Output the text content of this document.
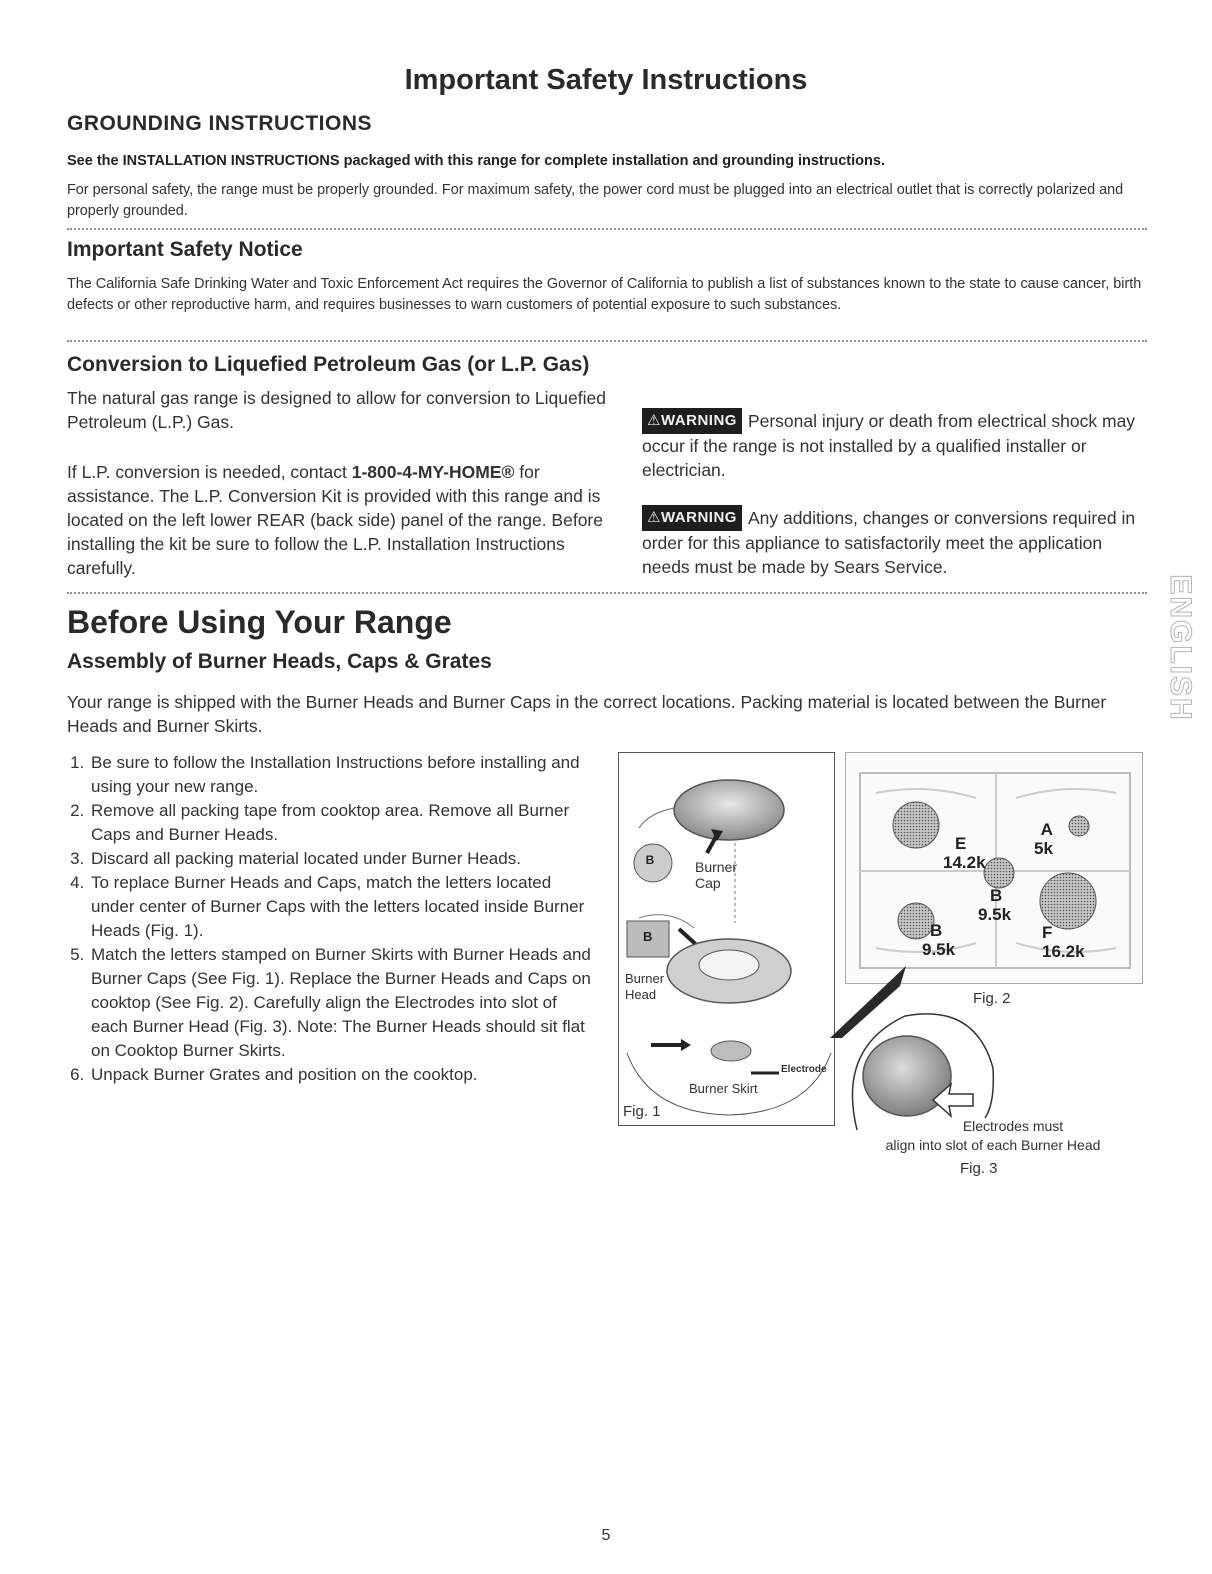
Important Safety Instructions
GROUNDING INSTRUCTIONS
See the INSTALLATION INSTRUCTIONS packaged with this range for complete installation and grounding instructions.
For personal safety, the range must be properly grounded. For maximum safety, the power cord must be plugged into an electrical outlet that is correctly polarized and properly grounded.
Important Safety Notice
The California Safe Drinking Water and Toxic Enforcement Act requires the Governor of California to publish a list of substances known to the state to cause cancer, birth defects or other reproductive harm, and requires businesses to warn customers of potential exposure to such substances.
Conversion to Liquefied Petroleum Gas (or L.P. Gas)
The natural gas range is designed to allow for conversion to Liquefied Petroleum (L.P.) Gas.
If L.P. conversion is needed, contact 1-800-4-MY-HOME® for assistance. The L.P. Conversion Kit is provided with this range and is located on the left lower REAR (back side) panel of the range. Before installing the kit be sure to follow the L.P. Installation Instructions carefully.
⚠WARNING Personal injury or death from electrical shock may occur if the range is not installed by a qualified installer or electrician.
⚠WARNING Any additions, changes or conversions required in order for this appliance to satisfactorily meet the application needs must be made by Sears Service.
ENGLISH
Before Using Your Range
Assembly of Burner Heads, Caps & Grates
Your range is shipped with the Burner Heads and Burner Caps in the correct locations. Packing material is located between the Burner Heads and Burner Skirts.
1. Be sure to follow the Installation Instructions before installing and using your new range.
2. Remove all packing tape from cooktop area. Remove all Burner Caps and Burner Heads.
3. Discard all packing material located under Burner Heads.
4. To replace Burner Heads and Caps, match the letters located under center of Burner Caps with the letters located inside Burner Heads (Fig. 1).
5. Match the letters stamped on Burner Skirts with Burner Heads and Burner Caps (See Fig. 1). Replace the Burner Heads and Caps on cooktop (See Fig. 2). Carefully align the Electrodes into slot of each Burner Head (Fig. 3). Note: The Burner Heads should sit flat on Cooktop Burner Skirts.
6. Unpack Burner Grates and position on the cooktop.
B
B
Burner
Cap
Burner
Head
Electrode
Burner Skirt
Fig. 1
E
14.2k
A
5k
B
9.5k
B
9.5k
F
16.2k
Fig. 2
Electrodes must
align into slot of each Burner Head
Fig. 3
5
